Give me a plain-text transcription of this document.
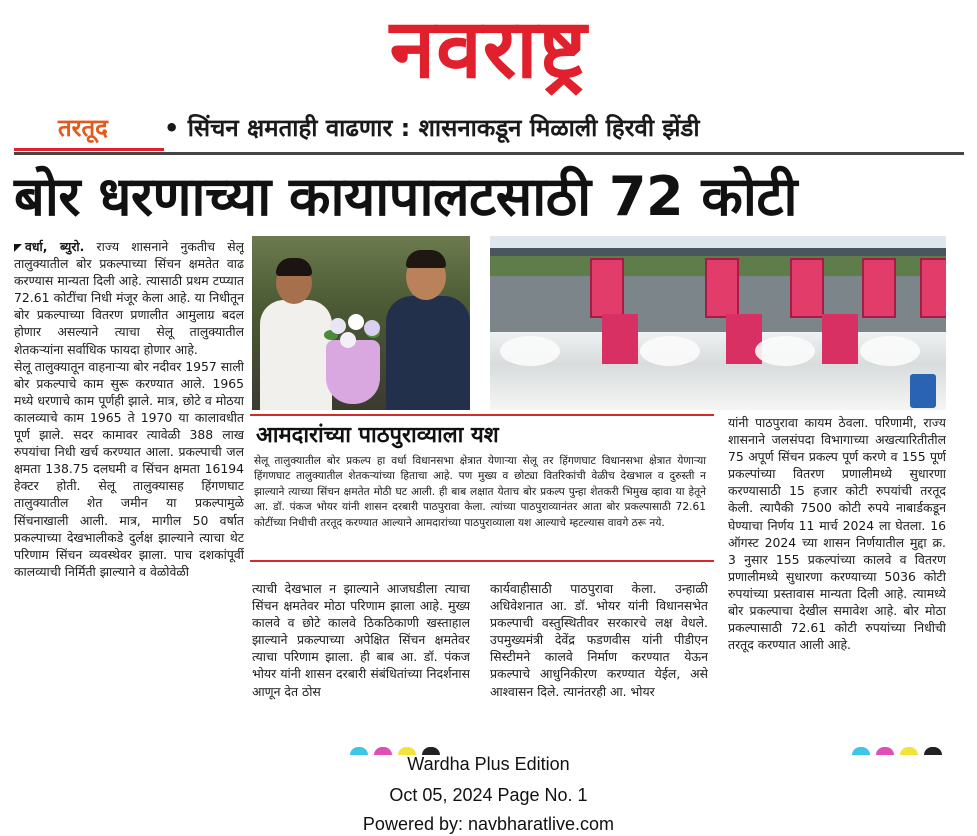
नवराष्ट्र
तरतूद • सिंचन क्षमताही वाढणार : शासनाकडून मिळाली हिरवी झेंडी
बोर धरणाच्या कायापालटसाठी 72 कोटी

वर्धा, ब्युरो. राज्य शासनाने नुकतीच सेलू तालुक्यातील बोर प्रकल्पाच्या सिंचन क्षमतेत वाढ करण्यास मान्यता दिली आहे. त्यासाठी प्रथम टप्प्यात 72.61 कोटींचा निधी मंजूर केला आहे. या निधीतून बोर प्रकल्पाच्या वितरण प्रणालीत आमुलाग्र बदल होणार असल्याने त्याचा सेलू तालुक्यातील शेतकऱ्यांना सर्वाधिक फायदा होणार आहे.

सेलू तालुक्यातून वाहनाऱ्या बोर नदीवर 1957 साली बोर प्रकल्पाचे काम सुरू करण्यात आले. 1965 मध्ये धरणाचे काम पूर्णही झाले. मात्र, छोटे व मोठया कालव्याचे काम 1965 ते 1970 या कालावधीत पूर्ण झाले. सदर कामावर त्यावेळी 388 लाख रुपयांचा निधी खर्च करण्यात आला. प्रकल्पाची जल क्षमता 138.75 दलघमी व सिंचन क्षमता 16194 हेक्टर होती. सेलू तालुक्यासह हिंगणघाट तालुक्यातील शेत जमीन या प्रकल्पामुळे सिंचनाखाली आली. मात्र, मागील 50 वर्षात प्रकल्पाच्या देखभालीकडे दुर्लक्ष झाल्याने त्याचा थेट परिणाम सिंचन व्यवस्थेवर झाला. पाच दशकांपूर्वी कालव्याची निर्मिती झाल्याने व वेळोवेळी

आमदारांच्या पाठपुराव्याला यश
सेलू तालुक्यातील बोर प्रकल्प हा वर्धा विधानसभा क्षेत्रात येणाऱ्या सेलू तर हिंगणघाट विधानसभा क्षेत्रात येणाऱ्या हिंगणघाट तालुक्यातील शेतकऱ्यांच्या हिताचा आहे. पण मुख्य व छोट्या वितरिकांची वेळीच देखभाल व दुरुस्ती न झाल्याने त्याच्या सिंचन क्षमतेत मोठी घट आली. ही बाब लक्षात येताच बोर प्रकल्प पुन्हा शेतकरी भिमुख व्हावा या हेतूने आ. डॉ. पंकज भोयर यांनी शासन दरबारी पाठपुरावा केला. त्यांच्या पाठपुराव्यानंतर आता बोर प्रकल्पासाठी 72.61 कोटींच्या निधीची तरतूद करण्यात आल्याने आमदारांच्या पाठपुराव्याला यश आल्याचे म्हटल्यास वावगे ठरू नये.

त्याची देखभाल न झाल्याने आजघडीला त्याचा सिंचन क्षमतेवर मोठा परिणाम झाला आहे. मुख्य कालवे व छोटे कालवे ठिकठिकाणी खस्ताहाल झाल्याने प्रकल्पाच्या अपेक्षित सिंचन क्षमतेवर त्याचा परिणाम झाला. ही बाब आ. डॉ. पंकज भोयर यांनी शासन दरबारी संबंधितांच्या निदर्शनास आणून देत ठोस

कार्यवाहीसाठी पाठपुरावा केला. उन्हाळी अधिवेशनात आ. डॉ. भोयर यांनी विधानसभेत प्रकल्पाची वस्तुस्थितीवर सरकारचे लक्ष वेधले. उपमुख्यमंत्री देवेंद्र फडणवीस यांनी पीडीएन सिस्टीमने कालवे निर्माण करण्यात येऊन प्रकल्पाचे आधुनिकीरण करण्यात येईल, असे आश्वासन दिले. त्यानंतरही आ. भोयर

यांनी पाठपुरावा कायम ठेवला. परिणामी, राज्य शासनाने जलसंपदा विभागाच्या अखत्यारितीतील 75 अपूर्ण सिंचन प्रकल्प पूर्ण करणे व 155 पूर्ण प्रकल्पांच्या वितरण प्रणालीमध्ये सुधारणा करण्यासाठी 15 हजार कोटी रुपयांची तरतूद केली. त्यापैकी 7500 कोटी रुपये नाबार्डकडून घेण्याचा निर्णय 11 मार्च 2024 ला घेतला. 16 ऑगस्ट 2024 च्या शासन निर्णयातील मुद्दा क्र. 3 नुसार 155 प्रकल्पांच्या कालवे व वितरण प्रणालीमध्ये सुधारणा करण्याच्या 5036 कोटी रुपयांच्या प्रस्तावास मान्यता दिली आहे. त्यामध्ये बोर प्रकल्पाचा देखील समावेश आहे. बोर मोठा प्रकल्पासाठी 72.61 कोटी रुपयांच्या निधीची तरतूद करण्यात आली आहे.

Wardha Plus Edition
Oct 05, 2024 Page No. 1
Powered by: navbharatlive.com
